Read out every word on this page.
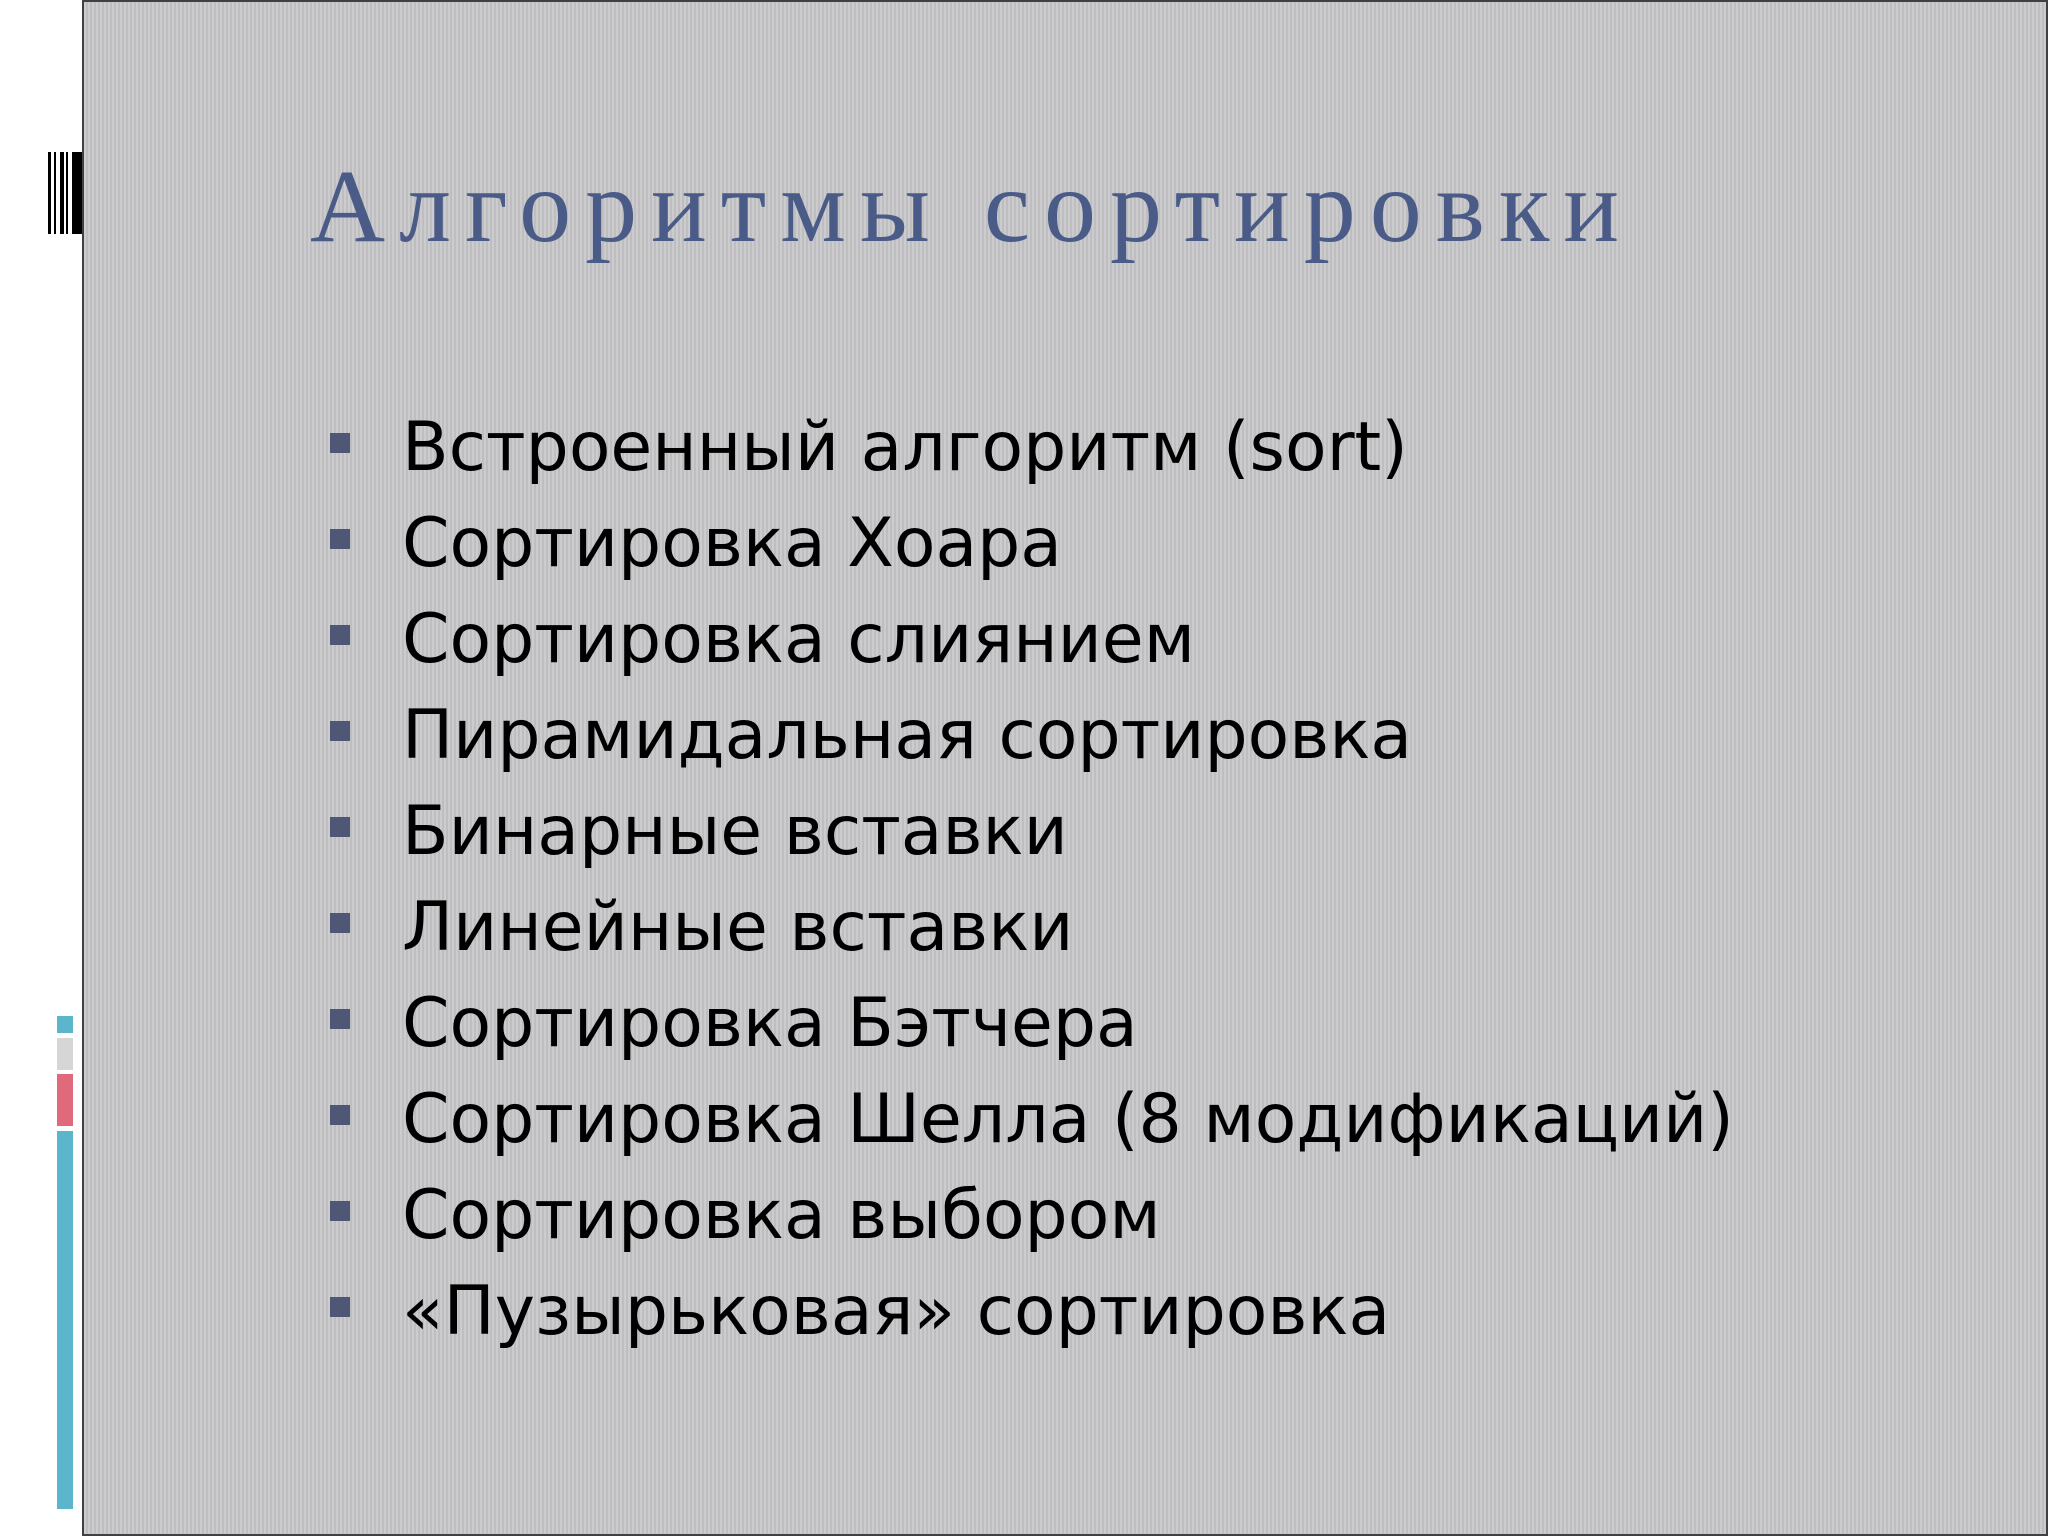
Алгоритмы сортировки
Встроенный алгоритм (sort)
Сортировка Хоара
Сортировка слиянием
Пирамидальная сортировка
Бинарные вставки
Линейные вставки
Сортировка Бэтчера
Сортировка Шелла (8 модификаций)
Сортировка выбором
«Пузырьковая» сортировка
